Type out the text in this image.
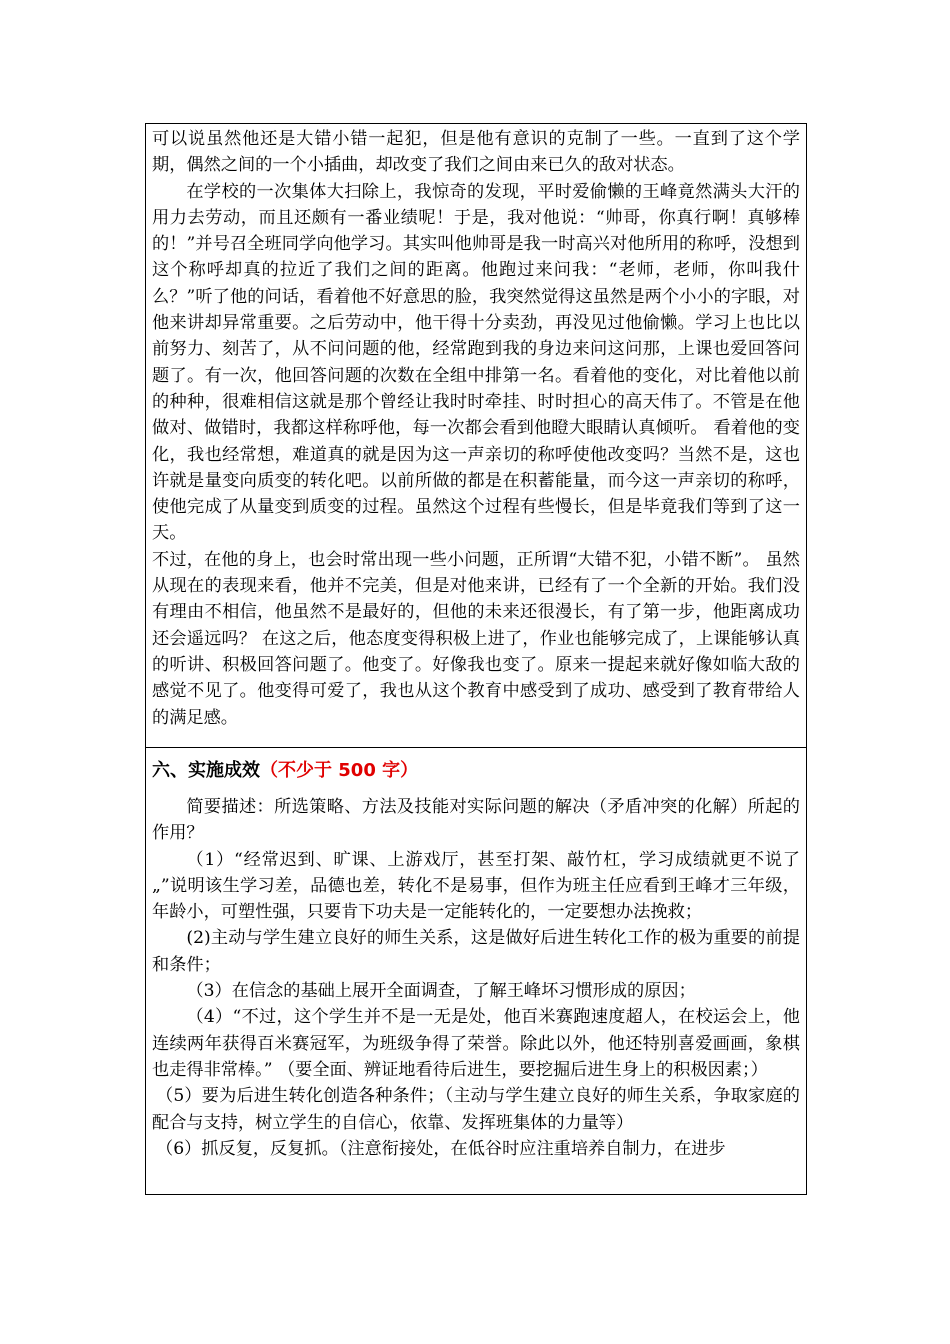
可以说虽然他还是大错小错一起犯，但是他有意识的克制了一些。一直到了这个学期，偶然之间的一个小插曲，却改变了我们之间由来已久的敌对状态。

在学校的一次集体大扫除上，我惊奇的发现，平时爱偷懒的王峰竟然满头大汗的用力去劳动，而且还颇有一番业绩呢！于是，我对他说：“帅哥，你真行啊！真够棒的！”并号召全班同学向他学习。其实叫他帅哥是我一时高兴对他所用的称呼，没想到这个称呼却真的拉近了我们之间的距离。他跑过来问我：“老师，老师，你叫我什么？”听了他的问话，看着他不好意思的脸，我突然觉得这虽然是两个小小的字眼，对他来讲却异常重要。之后劳动中，他干得十分卖劲，再没见过他偷懒。学习上也比以前努力、刻苦了，从不问问题的他，经常跑到我的身边来问这问那，上课也爱回答问题了。有一次，他回答问题的次数在全组中排第一名。看着他的变化，对比着他以前的种种，很难相信这就是那个曾经让我时时牵挂、时时担心的高天伟了。不管是在他做对、做错时，我都这样称呼他，每一次都会看到他瞪大眼睛认真倾听。 看着他的变化，我也经常想，难道真的就是因为这一声亲切的称呼使他改变吗？当然不是，这也许就是量变向质变的转化吧。以前所做的都是在积蓄能量，而今这一声亲切的称呼，使他完成了从量变到质变的过程。虽然这个过程有些慢长，但是毕竟我们等到了这一天。

不过，在他的身上，也会时常出现一些小问题，正所谓“大错不犯，小错不断”。 虽然从现在的表现来看，他并不完美，但是对他来讲，已经有了一个全新的开始。我们没有理由不相信，他虽然不是最好的，但他的未来还很漫长，有了第一步，他距离成功还会遥远吗？ 在这之后，他态度变得积极上进了，作业也能够完成了，上课能够认真的听讲、积极回答问题了。他变了。好像我也变了。原来一提起来就好像如临大敌的感觉不见了。他变得可爱了，我也从这个教育中感受到了成功、感受到了教育带给人的满足感。

六、实施成效（不少于 500 字）

简要描述：所选策略、方法及技能对实际问题的解决（矛盾冲突的化解）所起的作用？

（1）“经常迟到、旷课、上游戏厅，甚至打架、敲竹杠，学习成绩就更不说了„”说明该生学习差，品德也差，转化不是易事，但作为班主任应看到王峰才三年级，年龄小，可塑性强，只要肯下功夫是一定能转化的，一定要想办法挽救；

(2)主动与学生建立良好的师生关系，这是做好后进生转化工作的极为重要的前提和条件；

（3）在信念的基础上展开全面调查，了解王峰坏习惯形成的原因；

（4）“不过，这个学生并不是一无是处，他百米赛跑速度超人，在校运会上，他连续两年获得百米赛冠军，为班级争得了荣誉。除此以外，他还特别喜爱画画，象棋也走得非常棒。” （要全面、辨证地看待后进生，要挖掘后进生身上的积极因素；）

（5）要为后进生转化创造各种条件；（主动与学生建立良好的师生关系，争取家庭的配合与支持，树立学生的自信心，依靠、发挥班集体的力量等）

（6）抓反复，反复抓。（注意衔接处，在低谷时应注重培养自制力，在进步
